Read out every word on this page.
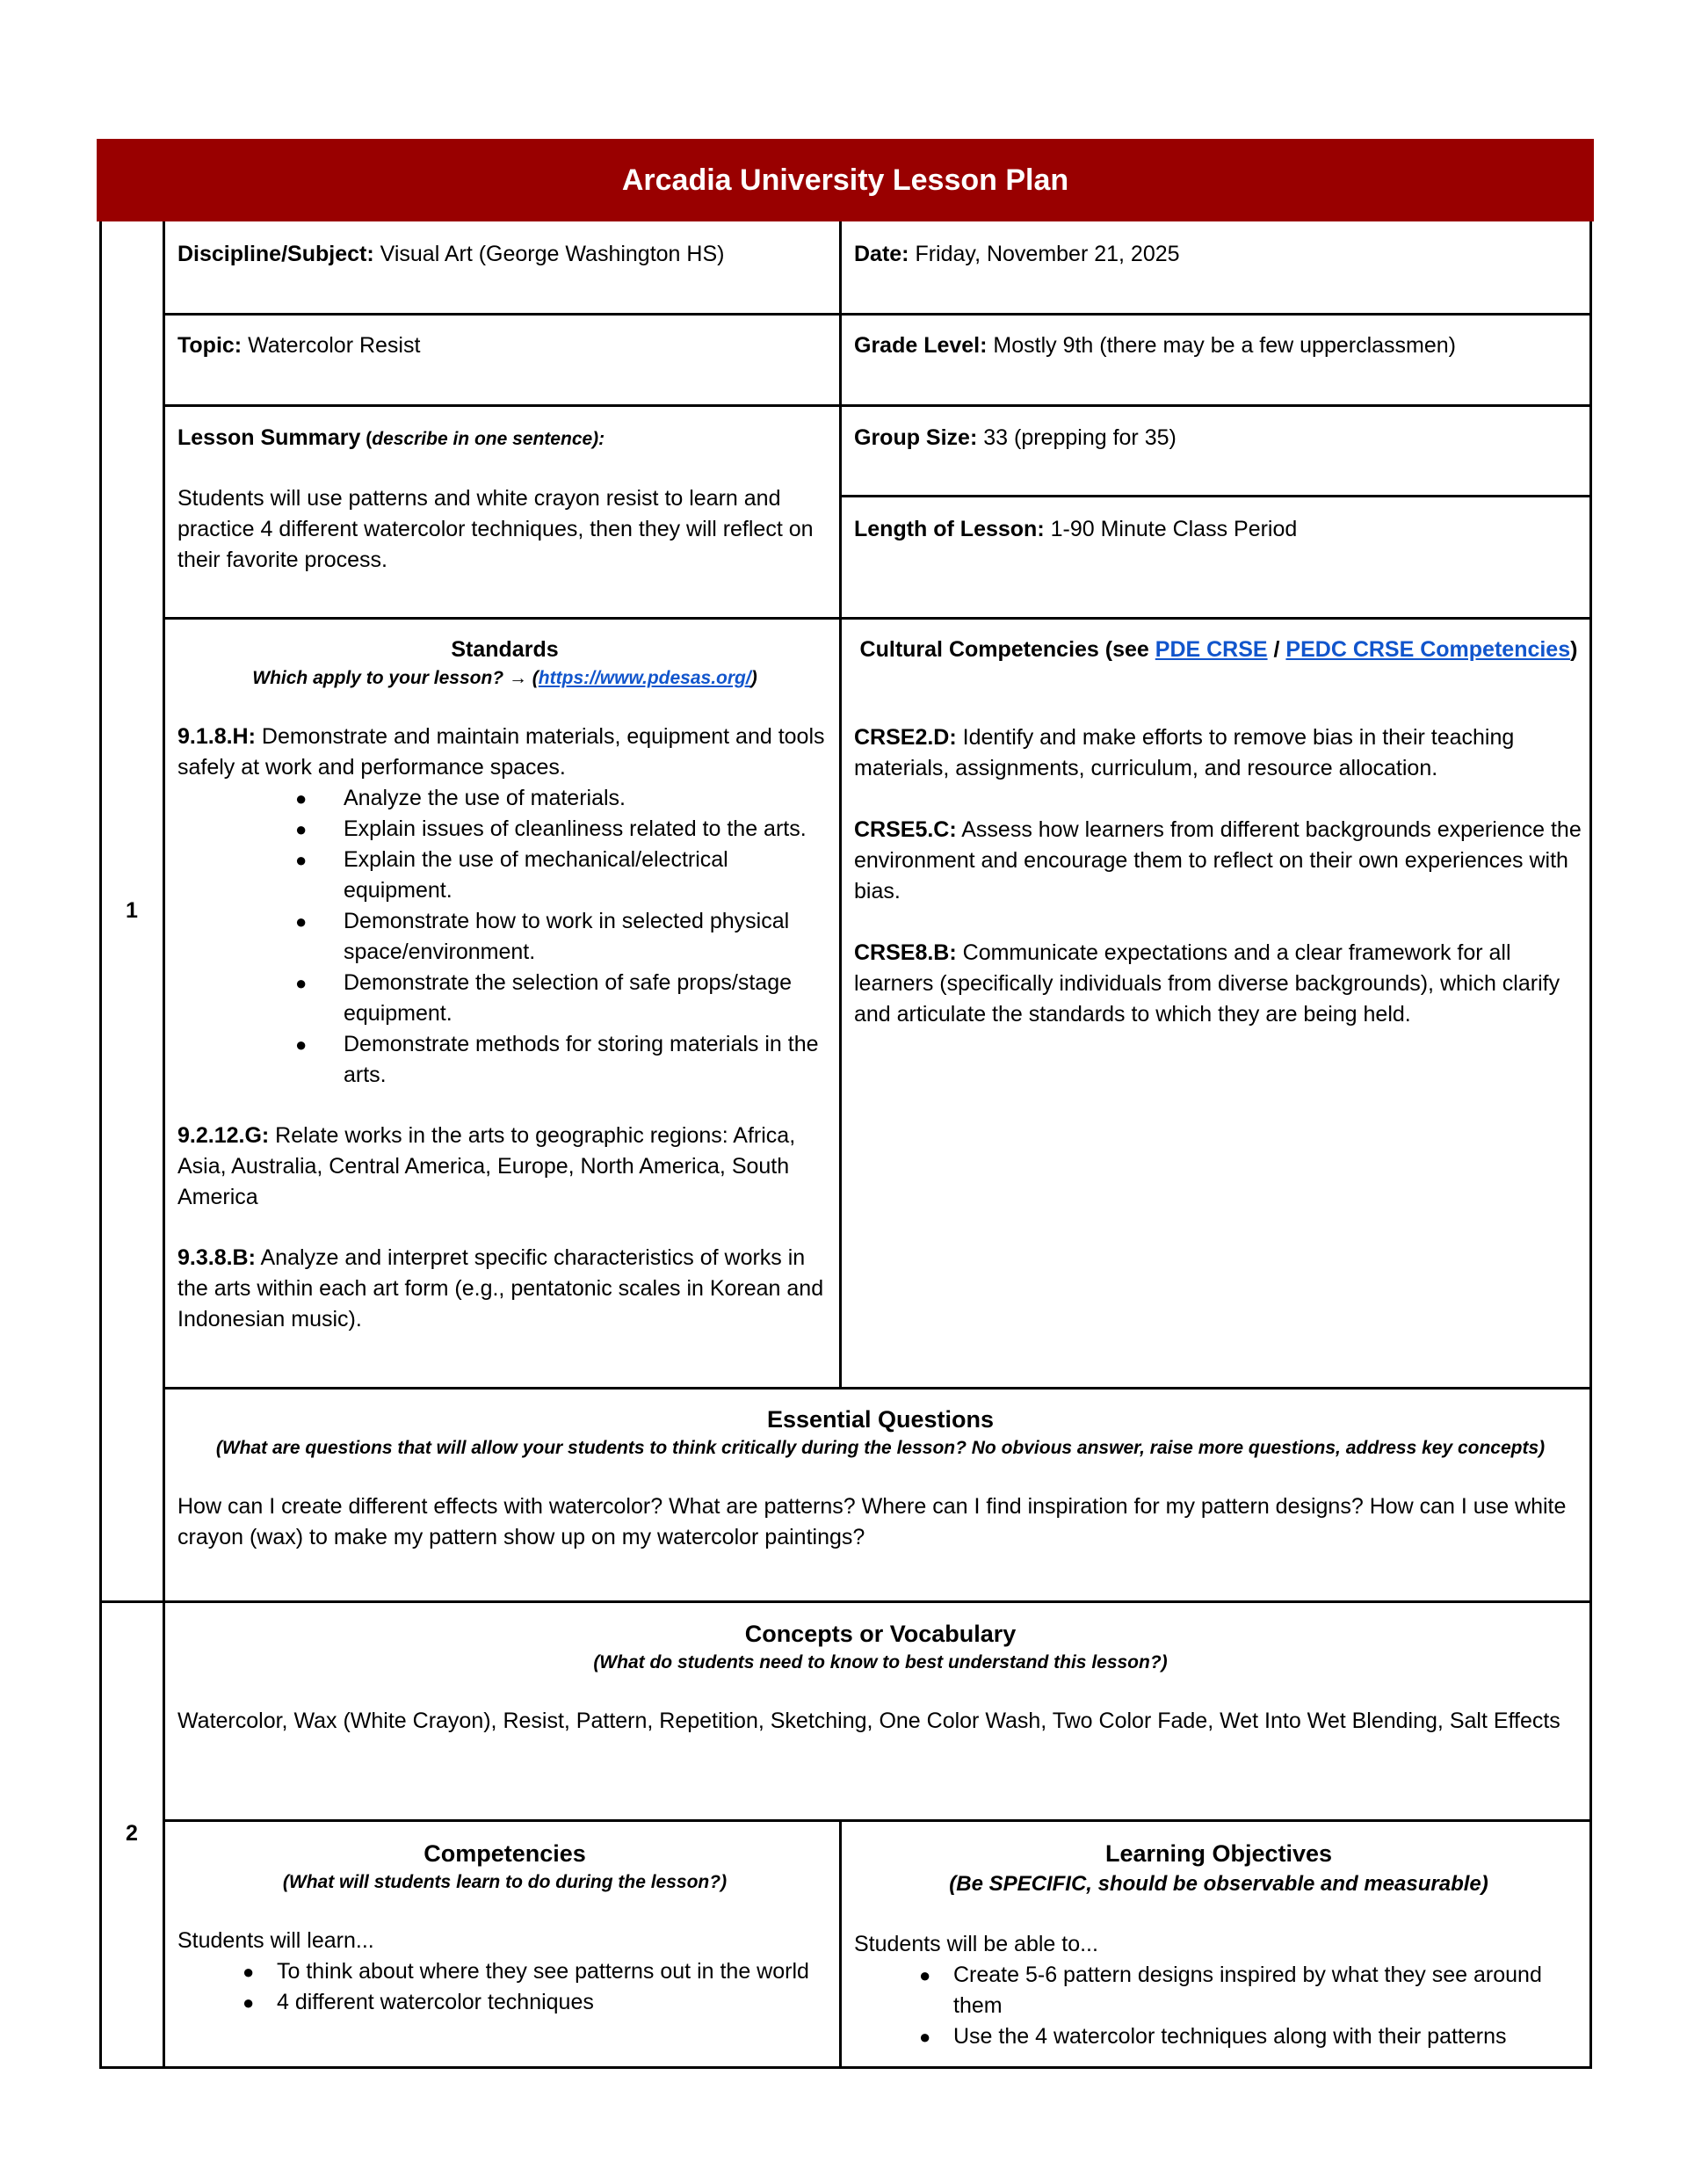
Arcadia University Lesson Plan
1
2
Discipline/Subject: Visual Art (George Washington HS)	Date: Friday, November 21, 2025
Topic: Watercolor Resist	Grade Level: Mostly 9th (there may be a few upperclassmen)

Lesson Summary (describe in one sentence):

Students will use patterns and white crayon resist to learn and practice 4 different watercolor techniques, then they will reflect on their favorite process.

Group Size: 33 (prepping for 35)
Length of Lesson: 1-90 Minute Class Period

Standards

Which apply to your lesson? → (https://www.pdesas.org/)

9.1.8.H: Demonstrate and maintain materials, equipment and tools safely at work and performance spaces.

● Analyze the use of materials.
● Explain issues of cleanliness related to the arts.
● Explain the use of mechanical/electrical equipment.
● Demonstrate how to work in selected physical space/environment.
● Demonstrate the selection of safe props/stage equipment.
● Demonstrate methods for storing materials in the arts.

9.2.12.G: Relate works in the arts to geographic regions: Africa, Asia, Australia, Central America, Europe, North America, South America

9.3.8.B: Analyze and interpret specific characteristics of works in the arts within each art form (e.g., pentatonic scales in Korean and Indonesian music).

Cultural Competencies (see PDE CRSE / PEDC CRSE Competencies)

CRSE2.D: Identify and make efforts to remove bias in their teaching materials, assignments, curriculum, and resource allocation.

CRSE5.C: Assess how learners from different backgrounds experience the environment and encourage them to reflect on their own experiences with bias.

CRSE8.B: Communicate expectations and a clear framework for all learners (specifically individuals from diverse backgrounds), which clarify and articulate the standards to which they are being held.

Essential Questions

(What are questions that will allow your students to think critically during the lesson? No obvious answer, raise more questions, address key concepts)

How can I create different effects with watercolor? What are patterns? Where can I find inspiration for my pattern designs? How can I use white crayon (wax) to make my pattern show up on my watercolor paintings?

Concepts or Vocabulary

(What do students need to know to best understand this lesson?)

Watercolor, Wax (White Crayon), Resist, Pattern, Repetition, Sketching, One Color Wash, Two Color Fade, Wet Into Wet Blending, Salt Effects

Competencies

(What will students learn to do during the lesson?)

Students will learn...

● To think about where they see patterns out in the world
● 4 different watercolor techniques

Learning Objectives

(Be SPECIFIC, should be observable and measurable)

Students will be able to...

● Create 5-6 pattern designs inspired by what they see around them
● Use the 4 watercolor techniques along with their patterns
